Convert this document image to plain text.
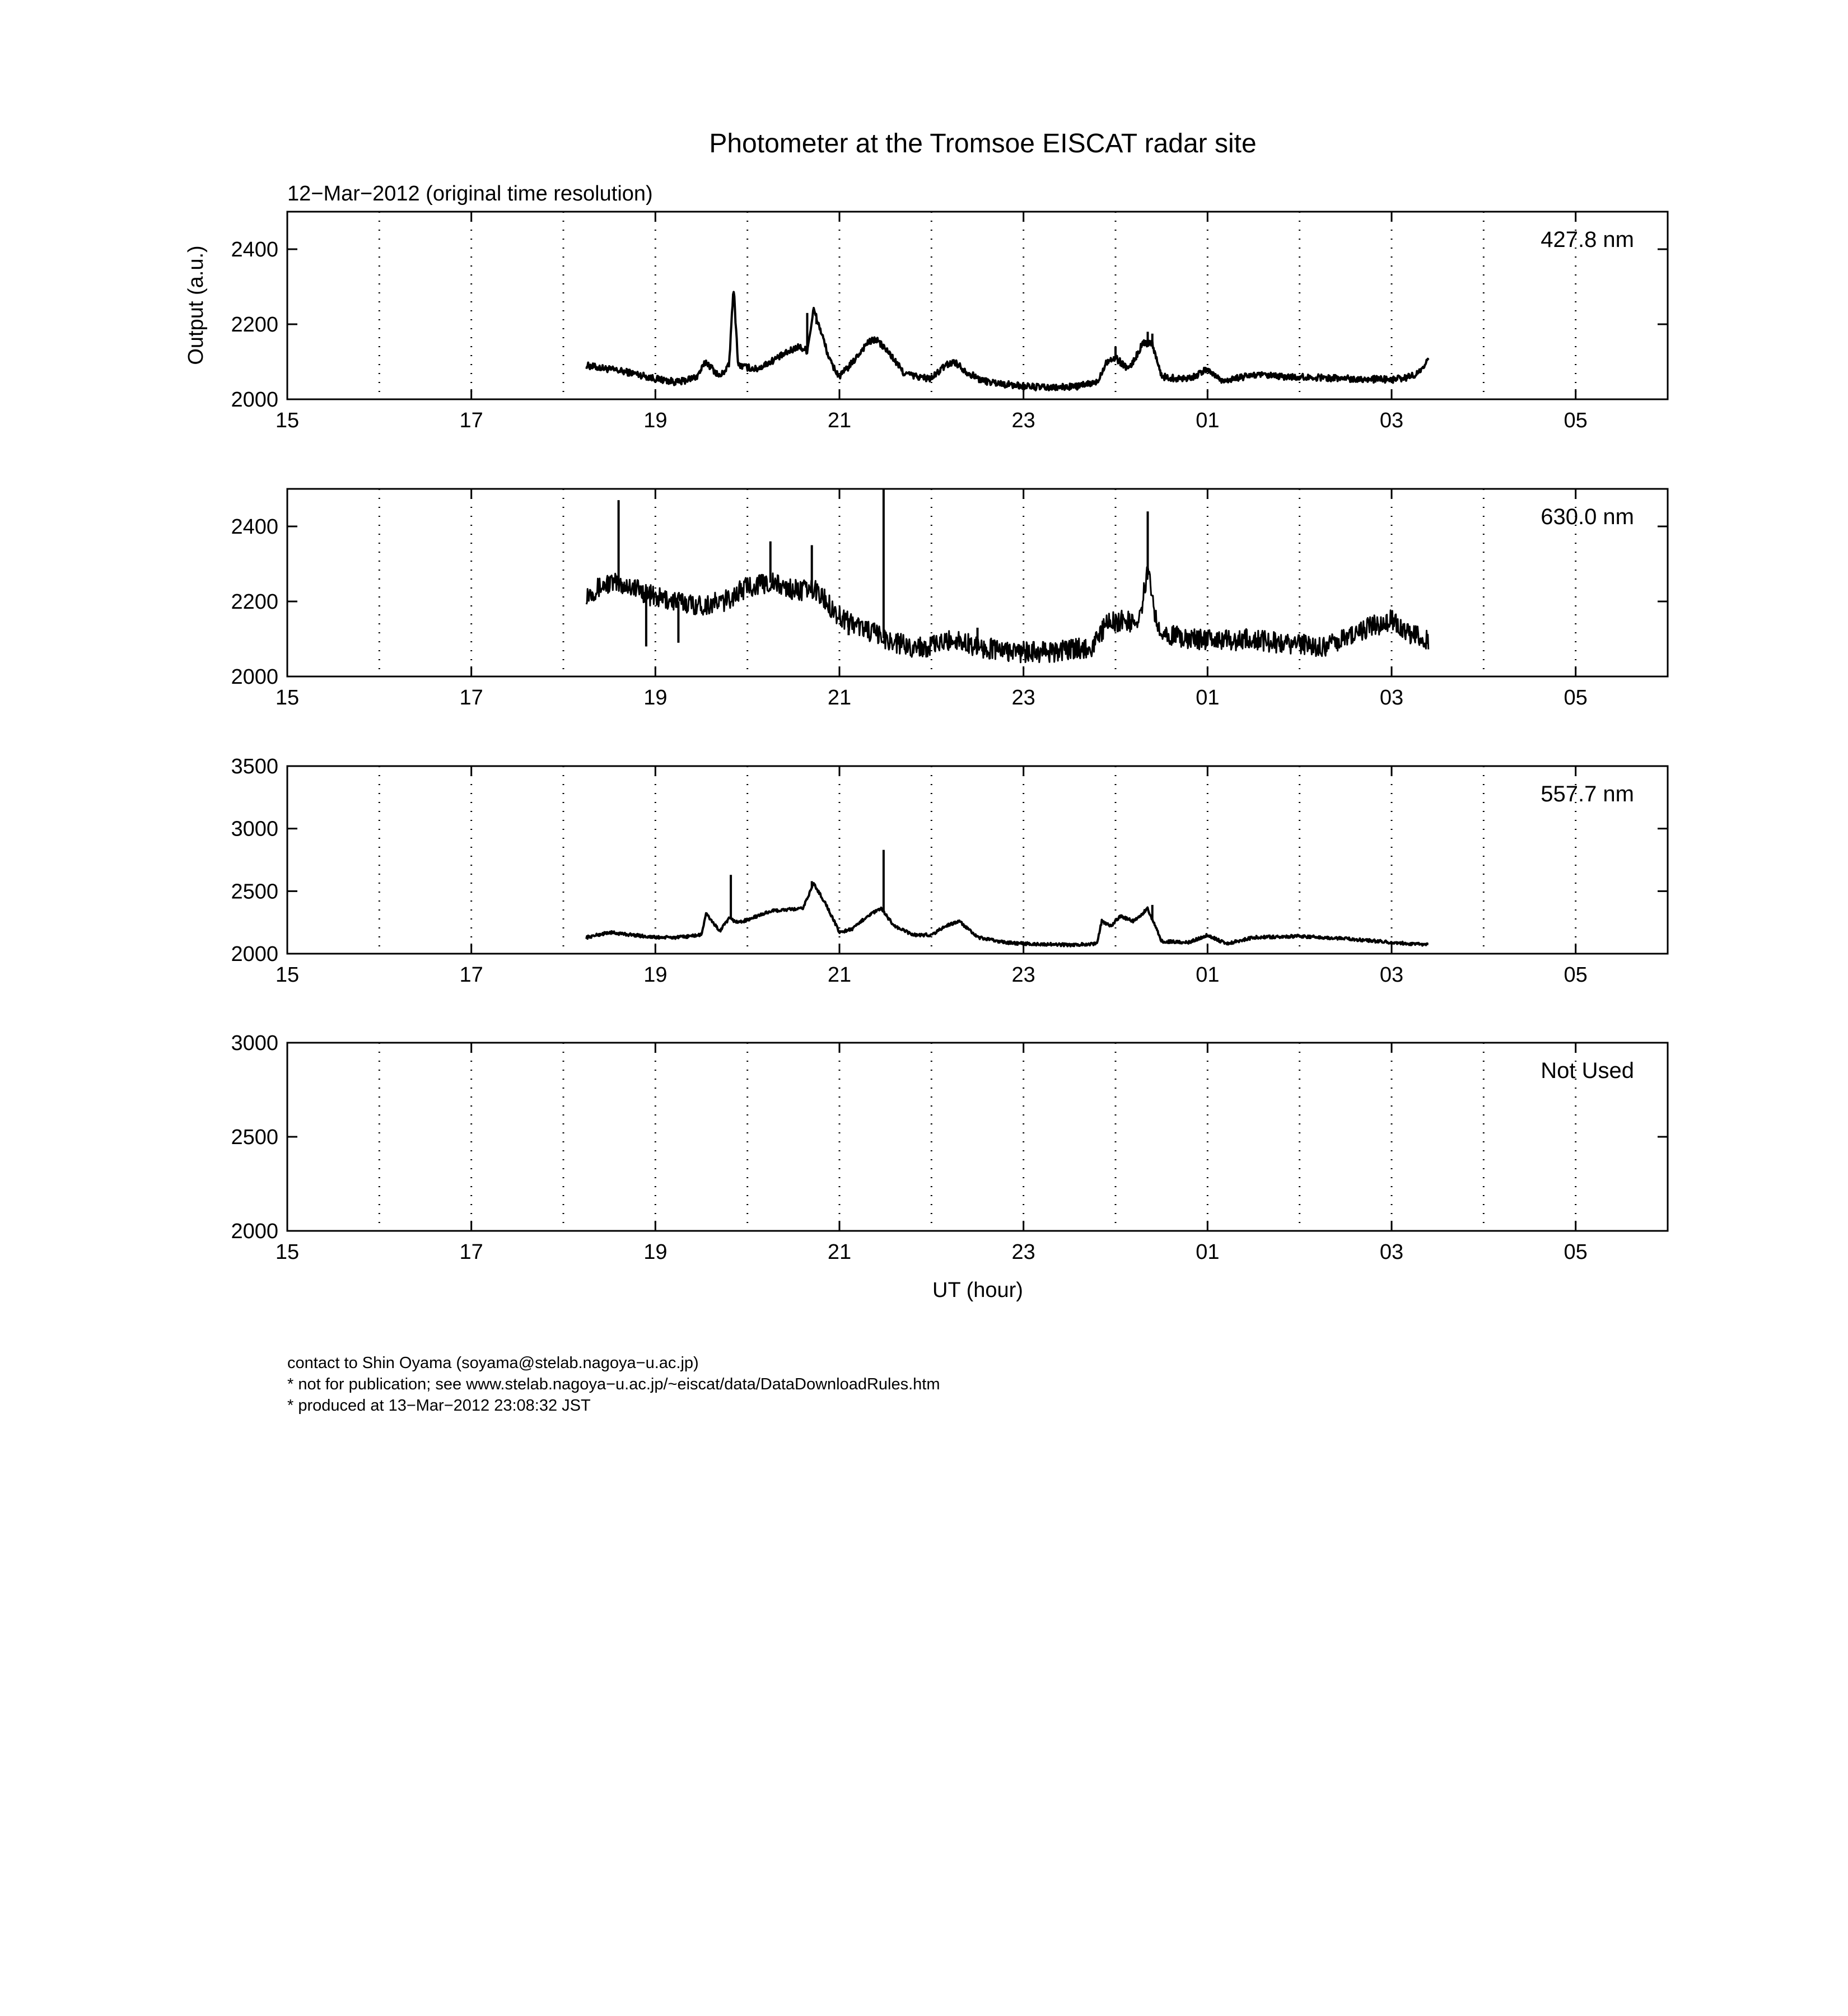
Photometer at the Tromsoe EISCAT radar site
12−Mar−2012 (original time resolution)
Output (a.u.)
UT (hour)
15	17	19	21	23	01	03	05
2000
2200
2400	427.8 nm
15	17	19	21	23	01	03	05
2000
2200
2400	630.0 nm
15	17	19	21	23	01	03	05
2000
2500
3000
3500
557.7 nm
15	17	19	21	23	01	03	05
2000
2500
3000
Not Used
contact to Shin Oyama (soyama@stelab.nagoya−u.ac.jp)
* not for publication; see www.stelab.nagoya−u.ac.jp/~eiscat/data/DataDownloadRules.htm
* produced at 13−Mar−2012 23:08:32 JST
